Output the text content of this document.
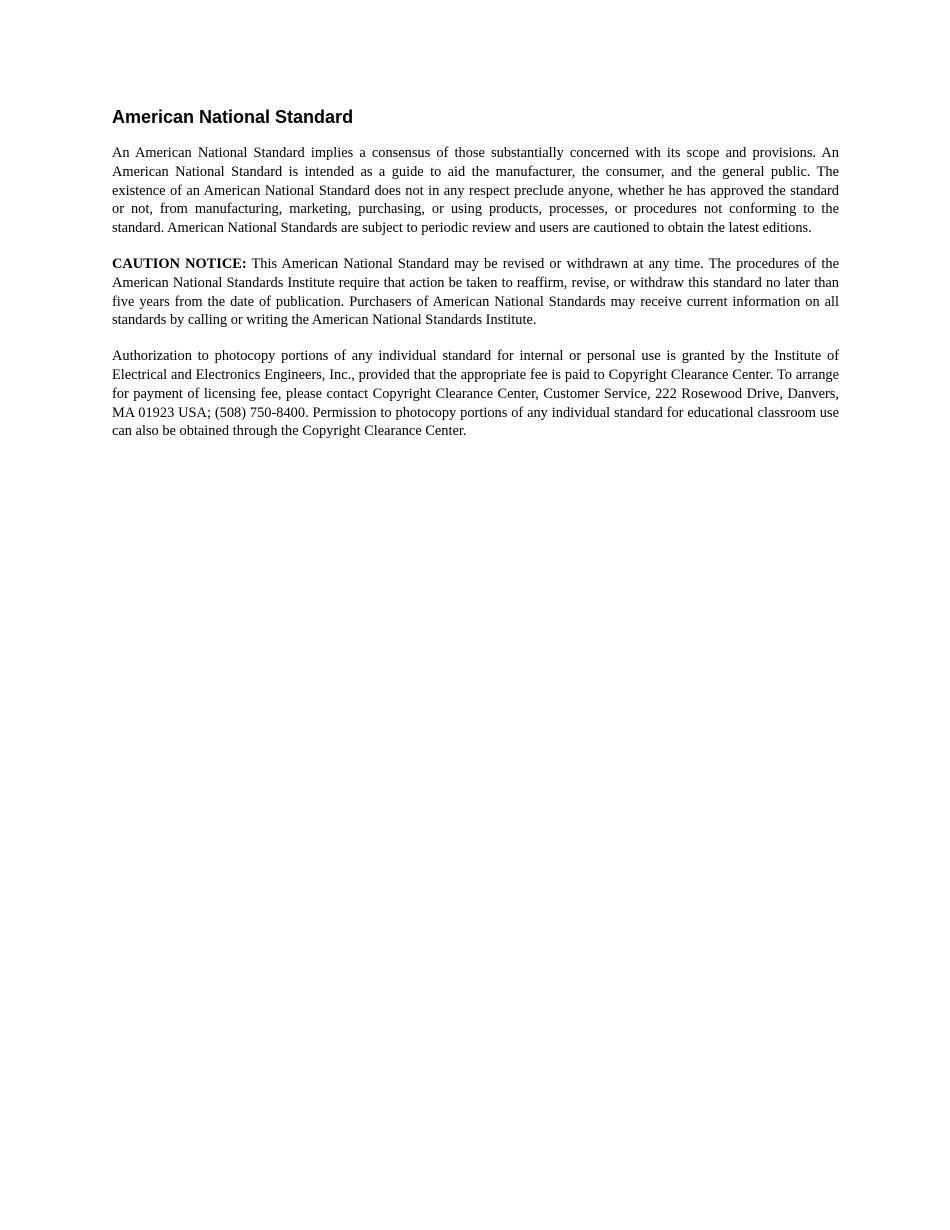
American National Standard

An American National Standard implies a consensus of those substantially concerned with its scope and provisions. An American National Standard is intended as a guide to aid the manufacturer, the consumer, and the general public. The existence of an American National Standard does not in any respect preclude anyone, whether he has approved the standard or not, from manufacturing, marketing, purchasing, or using products, processes, or procedures not conforming to the standard. American National Standards are subject to periodic review and users are cautioned to obtain the latest editions.

CAUTION NOTICE: This American National Standard may be revised or withdrawn at any time. The procedures of the American National Standards Institute require that action be taken to reaffirm, revise, or withdraw this standard no later than five years from the date of publication. Purchasers of American National Standards may receive current information on all standards by calling or writing the American National Standards Institute.

Authorization to photocopy portions of any individual standard for internal or personal use is granted by the Institute of Electrical and Electronics Engineers, Inc., provided that the appropriate fee is paid to Copyright Clearance Center. To arrange for payment of licensing fee, please contact Copyright Clearance Center, Customer Service, 222 Rosewood Drive, Danvers, MA 01923 USA; (508) 750-8400. Permission to photocopy portions of any individual standard for educational classroom use can also be obtained through the Copyright Clearance Center.
